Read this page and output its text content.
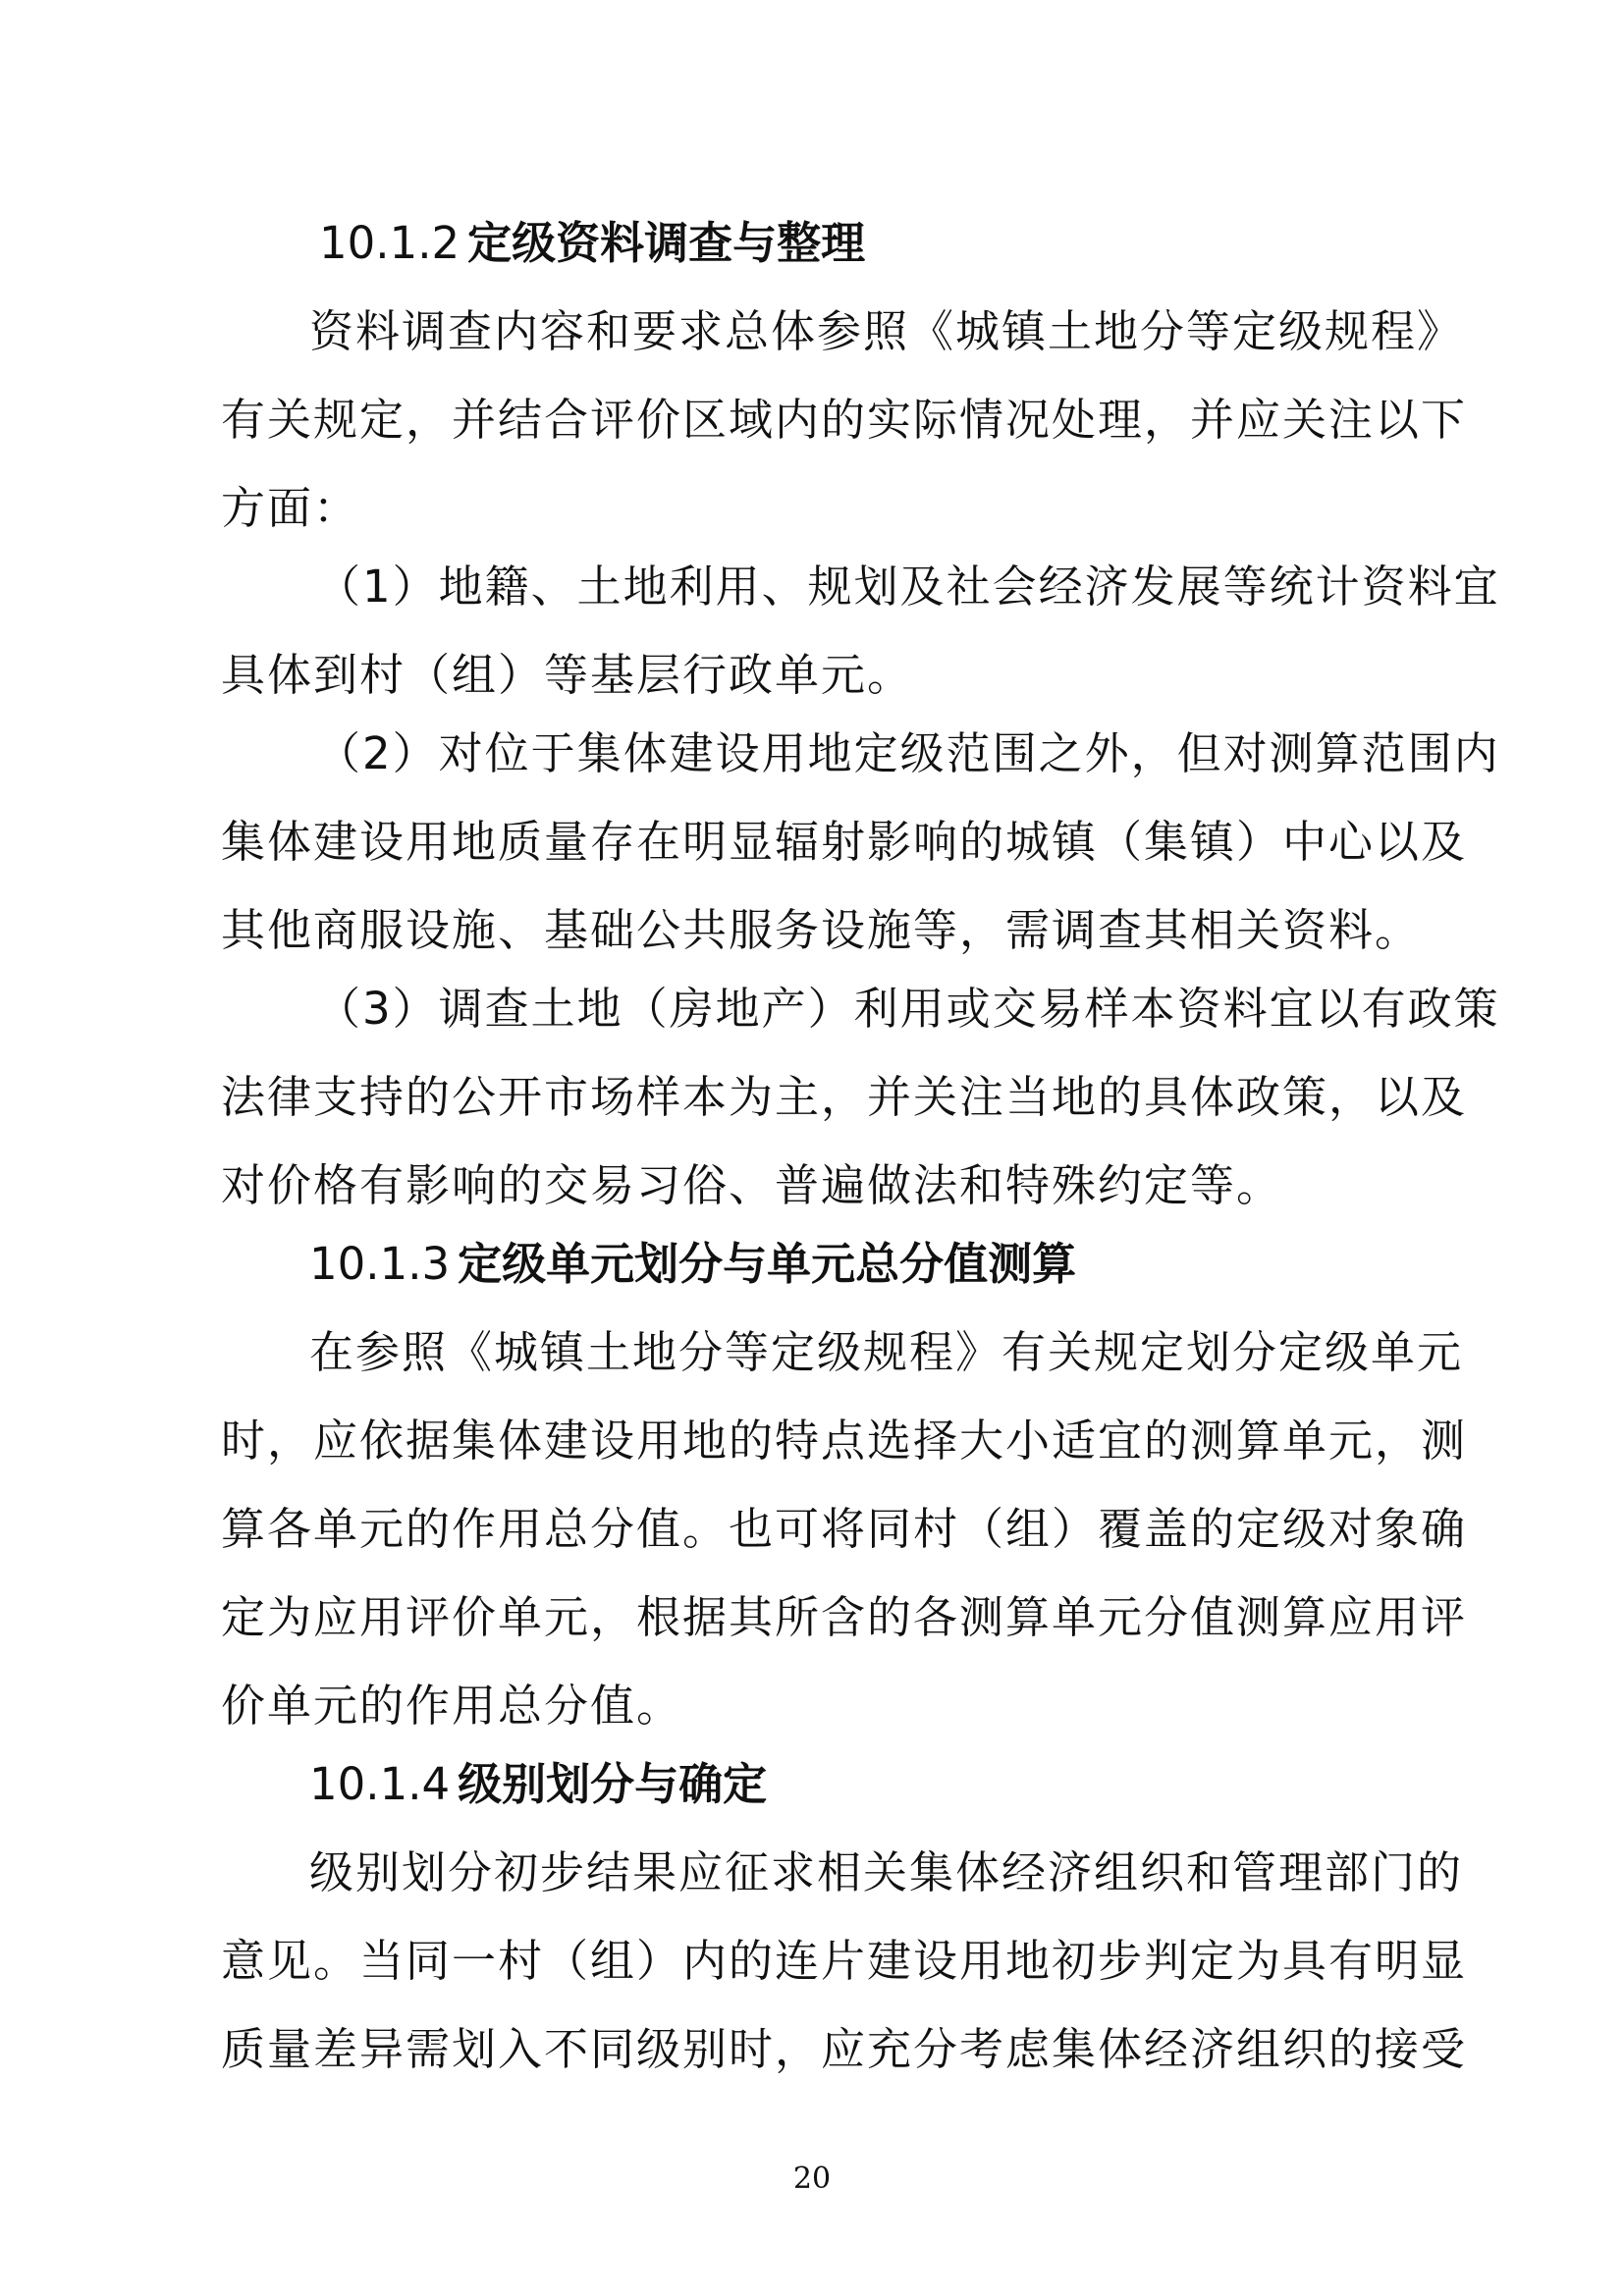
10.1.2 定级资料调查与整理
资料调查内容和要求总体参照《城镇土地分等定级规程》
有关规定，并结合评价区域内的实际情况处理，并应关注以下
方面：
（1）地籍、土地利用、规划及社会经济发展等统计资料宜
具体到村（组）等基层行政单元。
（2）对位于集体建设用地定级范围之外，但对测算范围内
集体建设用地质量存在明显辐射影响的城镇（集镇）中心以及
其他商服设施、基础公共服务设施等，需调查其相关资料。
（3）调查土地（房地产）利用或交易样本资料宜以有政策
法律支持的公开市场样本为主，并关注当地的具体政策，以及
对价格有影响的交易习俗、普遍做法和特殊约定等。
10.1.3 定级单元划分与单元总分值测算
在参照《城镇土地分等定级规程》有关规定划分定级单元
时，应依据集体建设用地的特点选择大小适宜的测算单元，测
算各单元的作用总分值。也可将同村（组）覆盖的定级对象确
定为应用评价单元，根据其所含的各测算单元分值测算应用评
价单元的作用总分值。
10.1.4 级别划分与确定
级别划分初步结果应征求相关集体经济组织和管理部门的
意见。当同一村（组）内的连片建设用地初步判定为具有明显
质量差异需划入不同级别时，应充分考虑集体经济组织的接受
20
